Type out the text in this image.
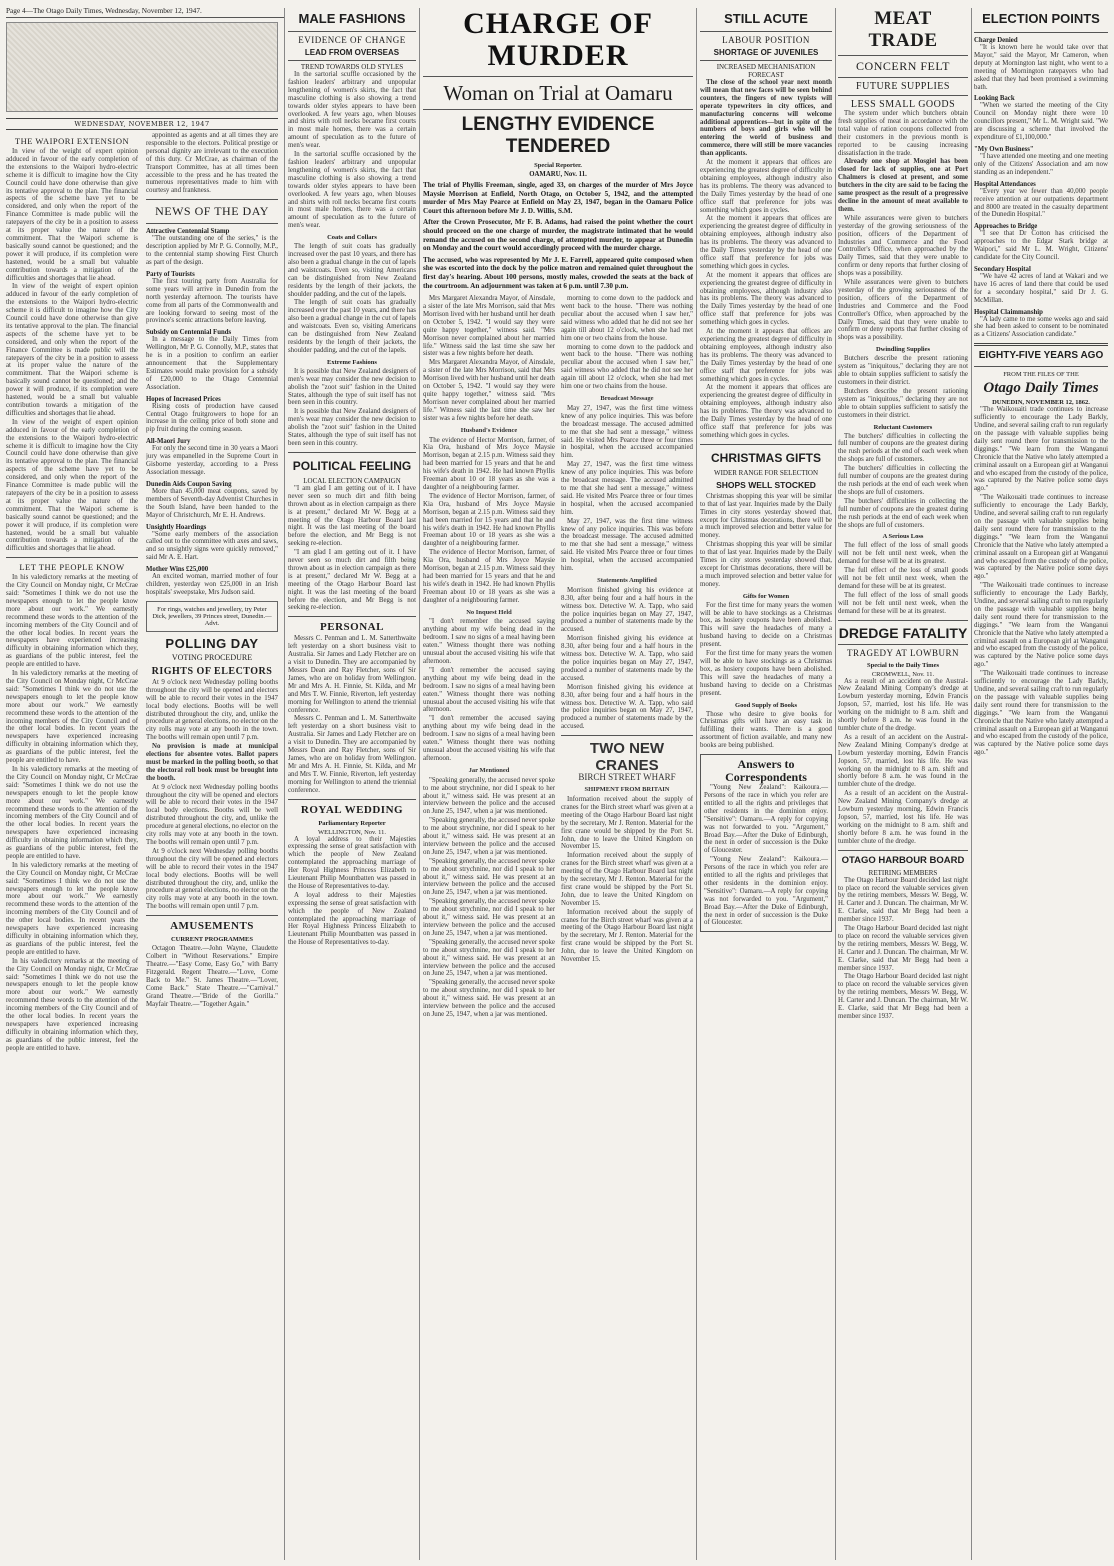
Page 4—The Otago Daily Times, Wednesday, November 12, 1947.
WEDNESDAY, NOVEMBER 12, 1947
THE WAIPORI EXTENSION

In view of the weight of expert opinion adduced in favour of the early completion of the extensions to the Waipori hydro-electric scheme it is difficult to imagine how the City Council could have done otherwise than give its tentative approval to the plan. The financial aspects of the scheme have yet to be considered, and only when the report of the Finance Committee is made public will the ratepayers of the city be in a position to assess at its proper value the nature of the commitment. That the Waipori scheme is basically sound cannot be questioned; and the power it will produce, if its completion were hastened, would be a small but valuable contribution towards a mitigation of the difficulties and shortages that lie ahead.

In view of the weight of expert opinion adduced in favour of the early completion of the extensions to the Waipori hydro-electric scheme it is difficult to imagine how the City Council could have done otherwise than give its tentative approval to the plan. The financial aspects of the scheme have yet to be considered, and only when the report of the Finance Committee is made public will the ratepayers of the city be in a position to assess at its proper value the nature of the commitment. That the Waipori scheme is basically sound cannot be questioned; and the power it will produce, if its completion were hastened, would be a small but valuable contribution towards a mitigation of the difficulties and shortages that lie ahead.

In view of the weight of expert opinion adduced in favour of the early completion of the extensions to the Waipori hydro-electric scheme it is difficult to imagine how the City Council could have done otherwise than give its tentative approval to the plan. The financial aspects of the scheme have yet to be considered, and only when the report of the Finance Committee is made public will the ratepayers of the city be in a position to assess at its proper value the nature of the commitment. That the Waipori scheme is basically sound cannot be questioned; and the power it will produce, if its completion were hastened, would be a small but valuable contribution towards a mitigation of the difficulties and shortages that lie ahead.

LET THE PEOPLE KNOW

In his valedictory remarks at the meeting of the City Council on Monday night, Cr McCrae said: "Sometimes I think we do not use the newspapers enough to let the people know more about our work." We earnestly recommend these words to the attention of the incoming members of the City Council and of the other local bodies. In recent years the newspapers have experienced increasing difficulty in obtaining information which they, as guardians of the public interest, feel the people are entitled to have.

In his valedictory remarks at the meeting of the City Council on Monday night, Cr McCrae said: "Sometimes I think we do not use the newspapers enough to let the people know more about our work." We earnestly recommend these words to the attention of the incoming members of the City Council and of the other local bodies. In recent years the newspapers have experienced increasing difficulty in obtaining information which they, as guardians of the public interest, feel the people are entitled to have.

In his valedictory remarks at the meeting of the City Council on Monday night, Cr McCrae said: "Sometimes I think we do not use the newspapers enough to let the people know more about our work." We earnestly recommend these words to the attention of the incoming members of the City Council and of the other local bodies. In recent years the newspapers have experienced increasing difficulty in obtaining information which they, as guardians of the public interest, feel the people are entitled to have.

In his valedictory remarks at the meeting of the City Council on Monday night, Cr McCrae said: "Sometimes I think we do not use the newspapers enough to let the people know more about our work." We earnestly recommend these words to the attention of the incoming members of the City Council and of the other local bodies. In recent years the newspapers have experienced increasing difficulty in obtaining information which they, as guardians of the public interest, feel the people are entitled to have.

In his valedictory remarks at the meeting of the City Council on Monday night, Cr McCrae said: "Sometimes I think we do not use the newspapers enough to let the people know more about our work." We earnestly recommend these words to the attention of the incoming members of the City Council and of the other local bodies. In recent years the newspapers have experienced increasing difficulty in obtaining information which they, as guardians of the public interest, feel the people are entitled to have.

appointed as agents and at all times they are responsible to the electors. Political prestige or personal dignity are irrelevant to the execution of this duty. Cr McCrae, as chairman of the Transport Committee, has at all times been accessible to the press and he has treated the numerous representatives made to him with courtesy and frankness.

NEWS OF THE DAY
Attractive Centennial Stamp

"The outstanding one of the series," is the description applied by Mr P. G. Connolly, M.P., to the centennial stamp showing First Church as part of the design.

Party of Tourists

The first touring party from Australia for some years will arrive in Dunedin from the north yesterday afternoon. The tourists have come from all parts of the Commonwealth and are looking forward to seeing most of the province's scenic attractions before leaving.

Subsidy on Centennial Funds

In a message to the Daily Times from Wellington, Mr P. G. Connolly, M.P., states that he is in a position to confirm an earlier announcement that the Supplementary Estimates would make provision for a subsidy of £20,000 to the Otago Centennial Association.

Hopes of Increased Prices

Rising costs of production have caused Central Otago fruitgrowers to hope for an increase in the ceiling price of both stone and pip fruit during the coming season.

All-Maori Jury

For only the second time in 30 years a Maori jury was empanelled in the Supreme Court in Gisborne yesterday, according to a Press Association message.

Dunedin Aids Coupon Saving

More than 45,000 meat coupons, saved by members of Seventh-day Adventist Churches in the South Island, have been handed to the Mayor of Christchurch, Mr E. H. Andrews.

Unsightly Hoardings

"Some early members of the association called out to the committee with axes and saws, and so unsightly signs were quickly removed," said Mr A. E. Hart.

Mother Wins £25,000

An excited woman, married mother of four children, yesterday won £25,000 in an Irish hospitals' sweepstake, Mrs Judson said.

For rings, watches and jewellery, try Peter Dick, jewellers, 39 Princes street, Dunedin.—Advt.
POLLING DAY
VOTING PROCEDURE
RIGHTS OF ELECTORS

At 9 o'clock next Wednesday polling booths throughout the city will be opened and electors will be able to record their votes in the 1947 local body elections. Booths will be well distributed throughout the city, and, unlike the procedure at general elections, no elector on the city rolls may vote at any booth in the town. The booths will remain open until 7 p.m.

No provision is made at municipal elections for absentee votes. Ballot papers must be marked in the polling booth, so that the electoral roll book must be brought into the booth.

At 9 o'clock next Wednesday polling booths throughout the city will be opened and electors will be able to record their votes in the 1947 local body elections. Booths will be well distributed throughout the city, and, unlike the procedure at general elections, no elector on the city rolls may vote at any booth in the town. The booths will remain open until 7 p.m.

At 9 o'clock next Wednesday polling booths throughout the city will be opened and electors will be able to record their votes in the 1947 local body elections. Booths will be well distributed throughout the city, and, unlike the procedure at general elections, no elector on the city rolls may vote at any booth in the town. The booths will remain open until 7 p.m.

AMUSEMENTS
CURRENT PROGRAMMES

Octagon Theatre.—John Wayne, Claudette Colbert in "Without Reservations." Empire Theatre.—"Easy Come, Easy Go," with Barry Fitzgerald. Regent Theatre.—"Love, Come Back to Me." St. James Theatre.—"Lover, Come Back." State Theatre.—"Carnival." Grand Theatre.—"Bride of the Gorilla." Mayfair Theatre.—"Together Again."

MALE FASHIONS
EVIDENCE OF CHANGE
LEAD FROM OVERSEAS
TREND TOWARDS OLD STYLES

In the sartorial scuffle occasioned by the fashion leaders' arbitrary and unpopular lengthening of women's skirts, the fact that masculine clothing is also showing a trend towards older styles appears to have been overlooked. A few years ago, when blouses and shirts with roll necks became first courts in most male homes, there was a certain amount of speculation as to the future of men's wear.

In the sartorial scuffle occasioned by the fashion leaders' arbitrary and unpopular lengthening of women's skirts, the fact that masculine clothing is also showing a trend towards older styles appears to have been overlooked. A few years ago, when blouses and shirts with roll necks became first courts in most male homes, there was a certain amount of speculation as to the future of men's wear.

Coats and Collars

The length of suit coats has gradually increased over the past 10 years, and there has also been a gradual change in the cut of lapels and waistcoats. Even so, visiting Americans can be distinguished from New Zealand residents by the length of their jackets, the shoulder padding, and the cut of the lapels.

The length of suit coats has gradually increased over the past 10 years, and there has also been a gradual change in the cut of lapels and waistcoats. Even so, visiting Americans can be distinguished from New Zealand residents by the length of their jackets, the shoulder padding, and the cut of the lapels.

Extreme Fashions

It is possible that New Zealand designers of men's wear may consider the new decision to abolish the "zoot suit" fashion in the United States, although the type of suit itself has not been seen in this country.

It is possible that New Zealand designers of men's wear may consider the new decision to abolish the "zoot suit" fashion in the United States, although the type of suit itself has not been seen in this country.

POLITICAL FEELING
LOCAL ELECTION CAMPAIGN

"I am glad I am getting out of it. I have never seen so much dirt and filth being thrown about as in election campaign as there is at present," declared Mr W. Begg at a meeting of the Otago Harbour Board last night. It was the last meeting of the board before the election, and Mr Begg is not seeking re-election.

"I am glad I am getting out of it. I have never seen so much dirt and filth being thrown about as in election campaign as there is at present," declared Mr W. Begg at a meeting of the Otago Harbour Board last night. It was the last meeting of the board before the election, and Mr Begg is not seeking re-election.

PERSONAL

Messrs C. Penman and L. M. Satterthwaite left yesterday on a short business visit to Australia. Sir James and Lady Fletcher are on a visit to Dunedin. They are accompanied by Messrs Dean and Ray Fletcher, sons of Sir James, who are on holiday from Wellington. Mr and Mrs A. H. Finnie, St. Kilda, and Mr and Mrs T. W. Finnie, Riverton, left yesterday morning for Wellington to attend the triennial conference.

Messrs C. Penman and L. M. Satterthwaite left yesterday on a short business visit to Australia. Sir James and Lady Fletcher are on a visit to Dunedin. They are accompanied by Messrs Dean and Ray Fletcher, sons of Sir James, who are on holiday from Wellington. Mr and Mrs A. H. Finnie, St. Kilda, and Mr and Mrs T. W. Finnie, Riverton, left yesterday morning for Wellington to attend the triennial conference.

ROYAL WEDDING
Parliamentary Reporter
WELLINGTON, Nov. 11.

A loyal address to their Majesties expressing the sense of great satisfaction with which the people of New Zealand contemplated the approaching marriage of Her Royal Highness Princess Elizabeth to Lieutenant Philip Mountbatten was passed in the House of Representatives to-day.

A loyal address to their Majesties expressing the sense of great satisfaction with which the people of New Zealand contemplated the approaching marriage of Her Royal Highness Princess Elizabeth to Lieutenant Philip Mountbatten was passed in the House of Representatives to-day.

CHARGE OF MURDER
Woman on Trial at Oamaru
LENGTHY EVIDENCE TENDERED
Special Reporter.
OAMARU, Nov. 11.

The trial of Phyllis Freeman, single, aged 33, on charges of the murder of Mrs Joyce Maysie Morrison at Enfield, North Otago, on October 5, 1942, and the attempted murder of Mrs May Pearce at Enfield on May 23, 1947, began in the Oamaru Police Court this afternoon before Mr J. D. Willis, S.M.

After the Crown Prosecutor, Mr F. B. Adams, had raised the point whether the court should proceed on the one charge of murder, the magistrate intimated that he would remand the accused on the second charge, of attempted murder, to appear at Dunedin on Monday and the court would accordingly proceed with the murder charge.

The accused, who was represented by Mr J. E. Farrell, appeared quite composed when she was escorted into the dock by the police matron and remained quiet throughout the first day's hearing. About 100 persons, mostly males, crowded the seats at the back of the courtroom. An adjournment was taken at 6 p.m. until 7.30 p.m.

Mrs Margaret Alexandra Mayor, of Ainsdale, a sister of the late Mrs Morrison, said that Mrs Morrison lived with her husband until her death on October 5, 1942. "I would say they were quite happy together," witness said. "Mrs Morrison never complained about her married life." Witness said the last time she saw her sister was a few nights before her death.

Mrs Margaret Alexandra Mayor, of Ainsdale, a sister of the late Mrs Morrison, said that Mrs Morrison lived with her husband until her death on October 5, 1942. "I would say they were quite happy together," witness said. "Mrs Morrison never complained about her married life." Witness said the last time she saw her sister was a few nights before her death.

Husband's Evidence

The evidence of Hector Morrison, farmer, of Kia Ora, husband of Mrs Joyce Maysie Morrison, began at 2.15 p.m. Witness said they had been married for 15 years and that he and his wife's death in 1942. He had known Phyllis Freeman about 10 or 18 years as she was a daughter of a neighbouring farmer.

The evidence of Hector Morrison, farmer, of Kia Ora, husband of Mrs Joyce Maysie Morrison, began at 2.15 p.m. Witness said they had been married for 15 years and that he and his wife's death in 1942. He had known Phyllis Freeman about 10 or 18 years as she was a daughter of a neighbouring farmer.

The evidence of Hector Morrison, farmer, of Kia Ora, husband of Mrs Joyce Maysie Morrison, began at 2.15 p.m. Witness said they had been married for 15 years and that he and his wife's death in 1942. He had known Phyllis Freeman about 10 or 18 years as she was a daughter of a neighbouring farmer.

No Inquest Held

"I don't remember the accused saying anything about my wife being dead in the bedroom. I saw no signs of a meal having been eaten." Witness thought there was nothing unusual about the accused visiting his wife that afternoon.

"I don't remember the accused saying anything about my wife being dead in the bedroom. I saw no signs of a meal having been eaten." Witness thought there was nothing unusual about the accused visiting his wife that afternoon.

"I don't remember the accused saying anything about my wife being dead in the bedroom. I saw no signs of a meal having been eaten." Witness thought there was nothing unusual about the accused visiting his wife that afternoon.

Jar Mentioned

"Speaking generally, the accused never spoke to me about strychnine, nor did I speak to her about it," witness said. He was present at an interview between the police and the accused on June 25, 1947, when a jar was mentioned.

"Speaking generally, the accused never spoke to me about strychnine, nor did I speak to her about it," witness said. He was present at an interview between the police and the accused on June 25, 1947, when a jar was mentioned.

"Speaking generally, the accused never spoke to me about strychnine, nor did I speak to her about it," witness said. He was present at an interview between the police and the accused on June 25, 1947, when a jar was mentioned.

"Speaking generally, the accused never spoke to me about strychnine, nor did I speak to her about it," witness said. He was present at an interview between the police and the accused on June 25, 1947, when a jar was mentioned.

"Speaking generally, the accused never spoke to me about strychnine, nor did I speak to her about it," witness said. He was present at an interview between the police and the accused on June 25, 1947, when a jar was mentioned.

"Speaking generally, the accused never spoke to me about strychnine, nor did I speak to her about it," witness said. He was present at an interview between the police and the accused on June 25, 1947, when a jar was mentioned.

morning to come down to the paddock and went back to the house. "There was nothing peculiar about the accused when I saw her," said witness who added that he did not see her again till about 12 o'clock, when she had met him one or two chains from the house.

morning to come down to the paddock and went back to the house. "There was nothing peculiar about the accused when I saw her," said witness who added that he did not see her again till about 12 o'clock, when she had met him one or two chains from the house.

Broadcast Message

May 27, 1947, was the first time witness knew of any police inquiries. This was before the broadcast message. The accused admitted to me that she had sent a message," witness said. He visited Mrs Pearce three or four times in hospital, when the accused accompanied him.

May 27, 1947, was the first time witness knew of any police inquiries. This was before the broadcast message. The accused admitted to me that she had sent a message," witness said. He visited Mrs Pearce three or four times in hospital, when the accused accompanied him.

May 27, 1947, was the first time witness knew of any police inquiries. This was before the broadcast message. The accused admitted to me that she had sent a message," witness said. He visited Mrs Pearce three or four times in hospital, when the accused accompanied him.

Statements Amplified

Morrison finished giving his evidence at 8.30, after being four and a half hours in the witness box. Detective W. A. Tapp, who said the police inquiries began on May 27, 1947, produced a number of statements made by the accused.

Morrison finished giving his evidence at 8.30, after being four and a half hours in the witness box. Detective W. A. Tapp, who said the police inquiries began on May 27, 1947, produced a number of statements made by the accused.

Morrison finished giving his evidence at 8.30, after being four and a half hours in the witness box. Detective W. A. Tapp, who said the police inquiries began on May 27, 1947, produced a number of statements made by the accused.

TWO NEW CRANES
BIRCH STREET WHARF
SHIPMENT FROM BRITAIN

Information received about the supply of cranes for the Birch street wharf was given at a meeting of the Otago Harbour Board last night by the secretary, Mr J. Renton. Material for the first crane would be shipped by the Port St. John, due to leave the United Kingdom on November 15.

Information received about the supply of cranes for the Birch street wharf was given at a meeting of the Otago Harbour Board last night by the secretary, Mr J. Renton. Material for the first crane would be shipped by the Port St. John, due to leave the United Kingdom on November 15.

Information received about the supply of cranes for the Birch street wharf was given at a meeting of the Otago Harbour Board last night by the secretary, Mr J. Renton. Material for the first crane would be shipped by the Port St. John, due to leave the United Kingdom on November 15.

STILL ACUTE
LABOUR POSITION
SHORTAGE OF JUVENILES
INCREASED MECHANISATION FORECAST

The close of the school year next month will mean that new faces will be seen behind counters, the fingers of new typists will operate typewriters in city offices, and manufacturing concerns will welcome additional apprentices—but in spite of the numbers of boys and girls who will be entering the world of business and commerce, there will still be more vacancies than applicants.

At the moment it appears that offices are experiencing the greatest degree of difficulty in obtaining employees, although industry also has its problems. The theory was advanced to the Daily Times yesterday by the head of one office staff that preference for jobs was something which goes in cycles.

At the moment it appears that offices are experiencing the greatest degree of difficulty in obtaining employees, although industry also has its problems. The theory was advanced to the Daily Times yesterday by the head of one office staff that preference for jobs was something which goes in cycles.

At the moment it appears that offices are experiencing the greatest degree of difficulty in obtaining employees, although industry also has its problems. The theory was advanced to the Daily Times yesterday by the head of one office staff that preference for jobs was something which goes in cycles.

At the moment it appears that offices are experiencing the greatest degree of difficulty in obtaining employees, although industry also has its problems. The theory was advanced to the Daily Times yesterday by the head of one office staff that preference for jobs was something which goes in cycles.

At the moment it appears that offices are experiencing the greatest degree of difficulty in obtaining employees, although industry also has its problems. The theory was advanced to the Daily Times yesterday by the head of one office staff that preference for jobs was something which goes in cycles.

CHRISTMAS GIFTS
WIDER RANGE FOR SELECTION
SHOPS WELL STOCKED

Christmas shopping this year will be similar to that of last year. Inquiries made by the Daily Times in city stores yesterday showed that, except for Christmas decorations, there will be a much improved selection and better value for money.

Christmas shopping this year will be similar to that of last year. Inquiries made by the Daily Times in city stores yesterday showed that, except for Christmas decorations, there will be a much improved selection and better value for money.

Gifts for Women

For the first time for many years the women will be able to have stockings as a Christmas box, as hosiery coupons have been abolished. This will save the headaches of many a husband having to decide on a Christmas present.

For the first time for many years the women will be able to have stockings as a Christmas box, as hosiery coupons have been abolished. This will save the headaches of many a husband having to decide on a Christmas present.

Good Supply of Books

Those who desire to give books for Christmas gifts will have an easy task in fulfilling their wants. There is a good assortment of fiction available, and many new books are being published.

Answers to Correspondents

"Young New Zealand": Kaikoura.—Persons of the race in which you refer are entitled to all the rights and privileges that other residents in the dominion enjoy. "Sensitive": Oamaru.—A reply for copying was not forwarded to you. "Argument," Broad Bay.—After the Duke of Edinburgh, the next in order of succession is the Duke of Gloucester.

"Young New Zealand": Kaikoura.—Persons of the race in which you refer are entitled to all the rights and privileges that other residents in the dominion enjoy. "Sensitive": Oamaru.—A reply for copying was not forwarded to you. "Argument," Broad Bay.—After the Duke of Edinburgh, the next in order of succession is the Duke of Gloucester.

MEAT TRADE
CONCERN FELT
FUTURE SUPPLIES
LESS SMALL GOODS

The system under which butchers obtain fresh supplies of meat in accordance with the total value of ration coupons collected from their customers in the previous month is reported to be causing increasing dissatisfaction in the trade.

Already one shop at Mosgiel has been closed for lack of supplies, one at Port Chalmers is closed at present, and some butchers in the city are said to be facing the same prospect as the result of a progressive decline in the amount of meat available to them.

While assurances were given to butchers yesterday of the growing seriousness of the position, officers of the Department of Industries and Commerce and the Food Controller's Office, when approached by the Daily Times, said that they were unable to confirm or deny reports that further closing of shops was a possibility.

While assurances were given to butchers yesterday of the growing seriousness of the position, officers of the Department of Industries and Commerce and the Food Controller's Office, when approached by the Daily Times, said that they were unable to confirm or deny reports that further closing of shops was a possibility.

Dwindling Supplies

Butchers describe the present rationing system as "iniquitous," declaring they are not able to obtain supplies sufficient to satisfy the customers in their district.

Butchers describe the present rationing system as "iniquitous," declaring they are not able to obtain supplies sufficient to satisfy the customers in their district.

Reluctant Customers

The butchers' difficulties in collecting the full number of coupons are the greatest during the rush periods at the end of each week when the shops are full of customers.

The butchers' difficulties in collecting the full number of coupons are the greatest during the rush periods at the end of each week when the shops are full of customers.

The butchers' difficulties in collecting the full number of coupons are the greatest during the rush periods at the end of each week when the shops are full of customers.

A Serious Loss

The full effect of the loss of small goods will not be felt until next week, when the demand for these will be at its greatest.

The full effect of the loss of small goods will not be felt until next week, when the demand for these will be at its greatest.

The full effect of the loss of small goods will not be felt until next week, when the demand for these will be at its greatest.

DREDGE FATALITY
TRAGEDY AT LOWBURN
Special to the Daily Times
CROMWELL, Nov. 11.

As a result of an accident on the Austral-New Zealand Mining Company's dredge at Lowburn yesterday morning, Edwin Francis Jopson, 57, married, lost his life. He was working on the midnight to 8 a.m. shift and shortly before 8 a.m. he was found in the tumbler chute of the dredge.

As a result of an accident on the Austral-New Zealand Mining Company's dredge at Lowburn yesterday morning, Edwin Francis Jopson, 57, married, lost his life. He was working on the midnight to 8 a.m. shift and shortly before 8 a.m. he was found in the tumbler chute of the dredge.

As a result of an accident on the Austral-New Zealand Mining Company's dredge at Lowburn yesterday morning, Edwin Francis Jopson, 57, married, lost his life. He was working on the midnight to 8 a.m. shift and shortly before 8 a.m. he was found in the tumbler chute of the dredge.

OTAGO HARBOUR BOARD
RETIRING MEMBERS

The Otago Harbour Board decided last night to place on record the valuable services given by the retiring members, Messrs W. Begg, W. H. Carter and J. Duncan. The chairman, Mr W. E. Clarke, said that Mr Begg had been a member since 1937.

The Otago Harbour Board decided last night to place on record the valuable services given by the retiring members, Messrs W. Begg, W. H. Carter and J. Duncan. The chairman, Mr W. E. Clarke, said that Mr Begg had been a member since 1937.

The Otago Harbour Board decided last night to place on record the valuable services given by the retiring members, Messrs W. Begg, W. H. Carter and J. Duncan. The chairman, Mr W. E. Clarke, said that Mr Begg had been a member since 1937.

ELECTION POINTS
Charge Denied

"It is known here he would take over that Mayor," said the Mayor, Mr Cameron, when deputy at Mornington last night, who went to a meeting of Mornington ratepayers who had asked that they had been promised a swimming bath.

Looking Back

"When we started the meeting of the City Council on Monday night there were 10 councillors present," Mr L. M. Wright said. "We are discussing a scheme that involved the expenditure of £1,100,000."

"My Own Business"

"I have attended one meeting and one meeting only of the Citizens' Association and am now standing as an independent."

Hospital Attendances

"Every year we fewer than 40,000 people receive attention at our outpatients department and 8000 are treated in the casualty department of the Dunedin Hospital."

Approaches to Bridge

"I see that Dr Cotton has criticised the approaches to the Edgar Stark bridge at Waipori," said Mr L. M. Wright, Citizens' candidate for the City Council.

Secondary Hospital

"We have 42 acres of land at Wakari and we have 16 acres of land there that could be used for a secondary hospital," said Dr J. G. McMillan.

Hospital Claimmanship

"A lady came to me some weeks ago and said she had been asked to consent to be nominated as a Citizens' Association candidate."

EIGHTY-FIVE YEARS AGO
FROM THE FILES OF THE
Otago Daily Times
DUNEDIN, NOVEMBER 12, 1862.

"The Waikouaiti trade continues to increase sufficiently to encourage the Lady Barkly, Undine, and several sailing craft to run regularly on the passage with valuable supplies being daily sent round there for transmission to the diggings." "We learn from the Wanganui Chronicle that the Native who lately attempted a criminal assault on a European girl at Wanganui and who escaped from the custody of the police, was captured by the Native police some days ago."

"The Waikouaiti trade continues to increase sufficiently to encourage the Lady Barkly, Undine, and several sailing craft to run regularly on the passage with valuable supplies being daily sent round there for transmission to the diggings." "We learn from the Wanganui Chronicle that the Native who lately attempted a criminal assault on a European girl at Wanganui and who escaped from the custody of the police, was captured by the Native police some days ago."

"The Waikouaiti trade continues to increase sufficiently to encourage the Lady Barkly, Undine, and several sailing craft to run regularly on the passage with valuable supplies being daily sent round there for transmission to the diggings." "We learn from the Wanganui Chronicle that the Native who lately attempted a criminal assault on a European girl at Wanganui and who escaped from the custody of the police, was captured by the Native police some days ago."

"The Waikouaiti trade continues to increase sufficiently to encourage the Lady Barkly, Undine, and several sailing craft to run regularly on the passage with valuable supplies being daily sent round there for transmission to the diggings." "We learn from the Wanganui Chronicle that the Native who lately attempted a criminal assault on a European girl at Wanganui and who escaped from the custody of the police, was captured by the Native police some days ago."
